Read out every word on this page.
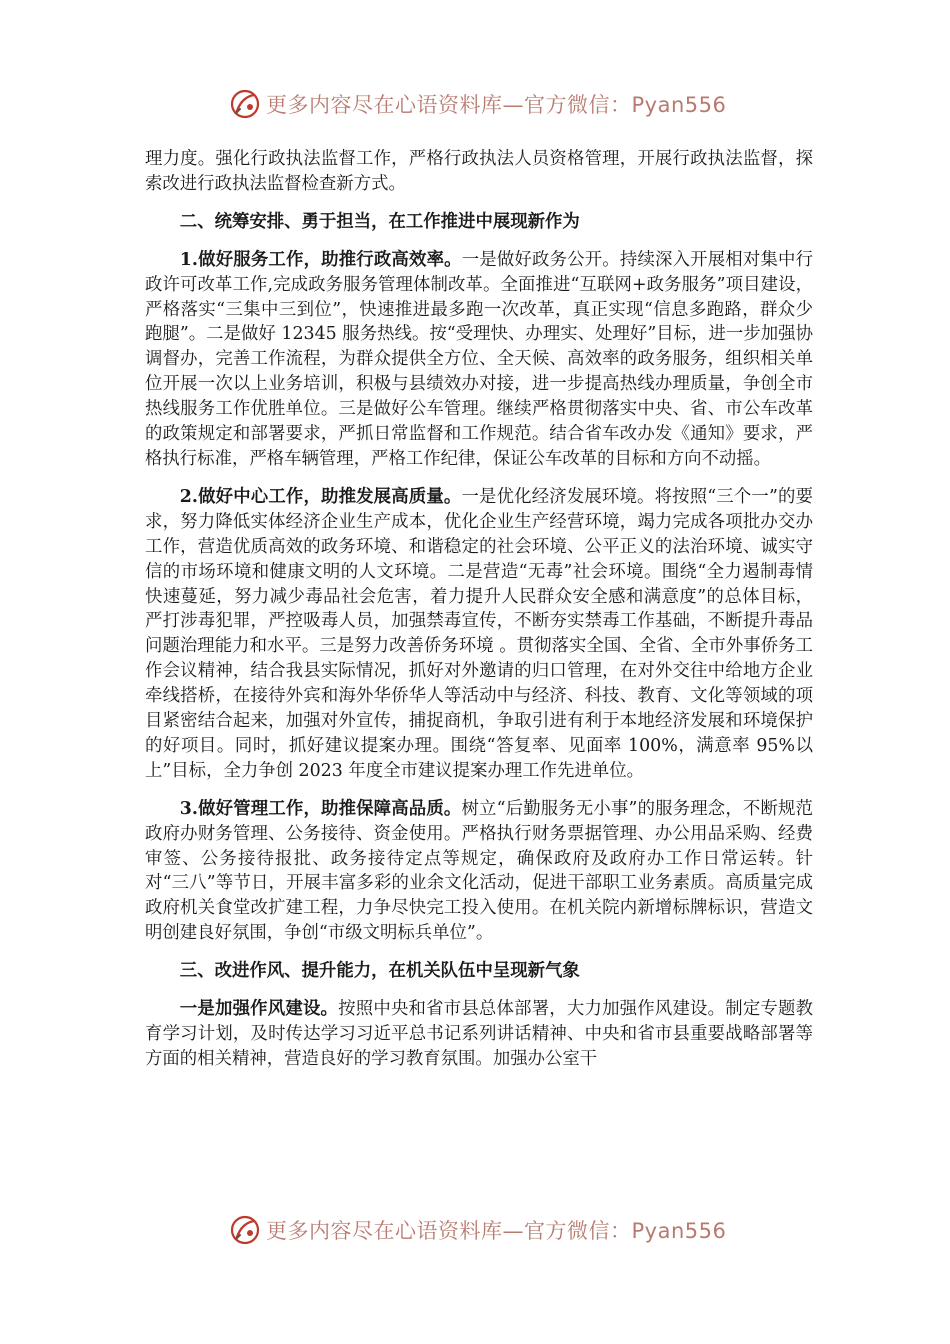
更多内容尽在心语资料库—官方微信：Pyan556

理力度。强化行政执法监督工作，严格行政执法人员资格管理，开展行政执法监督，探索改进行政执法监督检查新方式。

二、统筹安排、勇于担当，在工作推进中展现新作为

1.做好服务工作，助推行政高效率。一是做好政务公开。持续深入开展相对集中行政许可改革工作,完成政务服务管理体制改革。全面推进“互联网+政务服务”项目建设，严格落实“三集中三到位”，快速推进最多跑一次改革，真正实现“信息多跑路，群众少跑腿”。二是做好 12345 服务热线。按“受理快、办理实、处理好”目标，进一步加强协调督办，完善工作流程，为群众提供全方位、全天候、高效率的政务服务，组织相关单位开展一次以上业务培训，积极与县绩效办对接，进一步提高热线办理质量，争创全市热线服务工作优胜单位。三是做好公车管理。继续严格贯彻落实中央、省、市公车改革的政策规定和部署要求，严抓日常监督和工作规范。结合省车改办发《通知》要求，严格执行标准，严格车辆管理，严格工作纪律，保证公车改革的目标和方向不动摇。

2.做好中心工作，助推发展高质量。一是优化经济发展环境。将按照“三个一”的要求，努力降低实体经济企业生产成本，优化企业生产经营环境，竭力完成各项批办交办工作，营造优质高效的政务环境、和谐稳定的社会环境、公平正义的法治环境、诚实守信的市场环境和健康文明的人文环境。二是营造“无毒”社会环境。围绕“全力遏制毒情快速蔓延，努力减少毒品社会危害，着力提升人民群众安全感和满意度”的总体目标，严打涉毒犯罪，严控吸毒人员，加强禁毒宣传，不断夯实禁毒工作基础，不断提升毒品问题治理能力和水平。三是努力改善侨务环境 。贯彻落实全国、全省、全市外事侨务工作会议精神，结合我县实际情况，抓好对外邀请的归口管理，在对外交往中给地方企业牵线搭桥，在接待外宾和海外华侨华人等活动中与经济、科技、教育、文化等领域的项目紧密结合起来，加强对外宣传，捕捉商机，争取引进有利于本地经济发展和环境保护的好项目。同时，抓好建议提案办理。围绕“答复率、见面率 100%，满意率 95%以上”目标，全力争创 2023 年度全市建议提案办理工作先进单位。

3.做好管理工作，助推保障高品质。树立“后勤服务无小事”的服务理念，不断规范政府办财务管理、公务接待、资金使用。严格执行财务票据管理、办公用品采购、经费审签、公务接待报批、政务接待定点等规定，确保政府及政府办工作日常运转。针对“三八”等节日，开展丰富多彩的业余文化活动，促进干部职工业务素质。高质量完成政府机关食堂改扩建工程，力争尽快完工投入使用。在机关院内新增标牌标识，营造文明创建良好氛围，争创“市级文明标兵单位”。

三、改进作风、提升能力，在机关队伍中呈现新气象

一是加强作风建设。按照中央和省市县总体部署，大力加强作风建设。制定专题教育学习计划，及时传达学习习近平总书记系列讲话精神、中央和省市县重要战略部署等方面的相关精神，营造良好的学习教育氛围。加强办公室干

更多内容尽在心语资料库—官方微信：Pyan556
